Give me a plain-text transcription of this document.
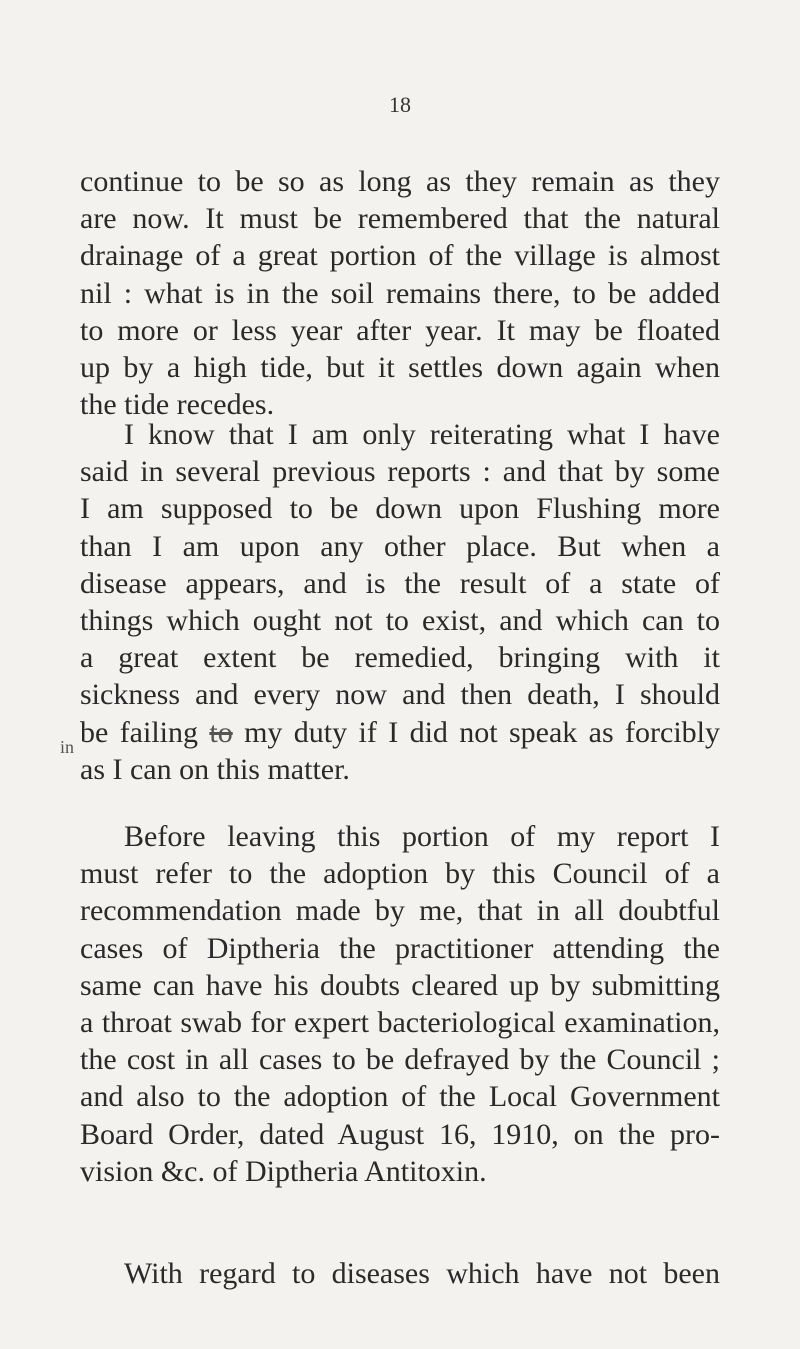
18
continue to be so as long as they remain as they
are now. It must be remembered that the natural
drainage of a great portion of the village is almost
nil : what is in the soil remains there, to be added
to more or less year after year. It may be floated
up by a high tide, but it settles down again when
the tide recedes.
I know that I am only reiterating what I have
said in several previous reports : and that by some
I am supposed to be down upon Flushing more
than I am upon any other place. But when a
disease appears, and is the result of a state of
things which ought not to exist, and which can to
a great extent be remedied, bringing with it
sickness and every now and then death, I should
be failing to my duty if I did not speak as forcibly
as I can on this matter.
in
Before leaving this portion of my report I
must refer to the adoption by this Council of a
recommendation made by me, that in all doubtful
cases of Diptheria the practitioner attending the
same can have his doubts cleared up by submitting
a throat swab for expert bacteriological examination,
the cost in all cases to be defrayed by the Council ;
and also to the adoption of the Local Government
Board Order, dated August 16, 1910, on the pro-
vision &c. of Diptheria Antitoxin.
With regard to diseases which have not been
